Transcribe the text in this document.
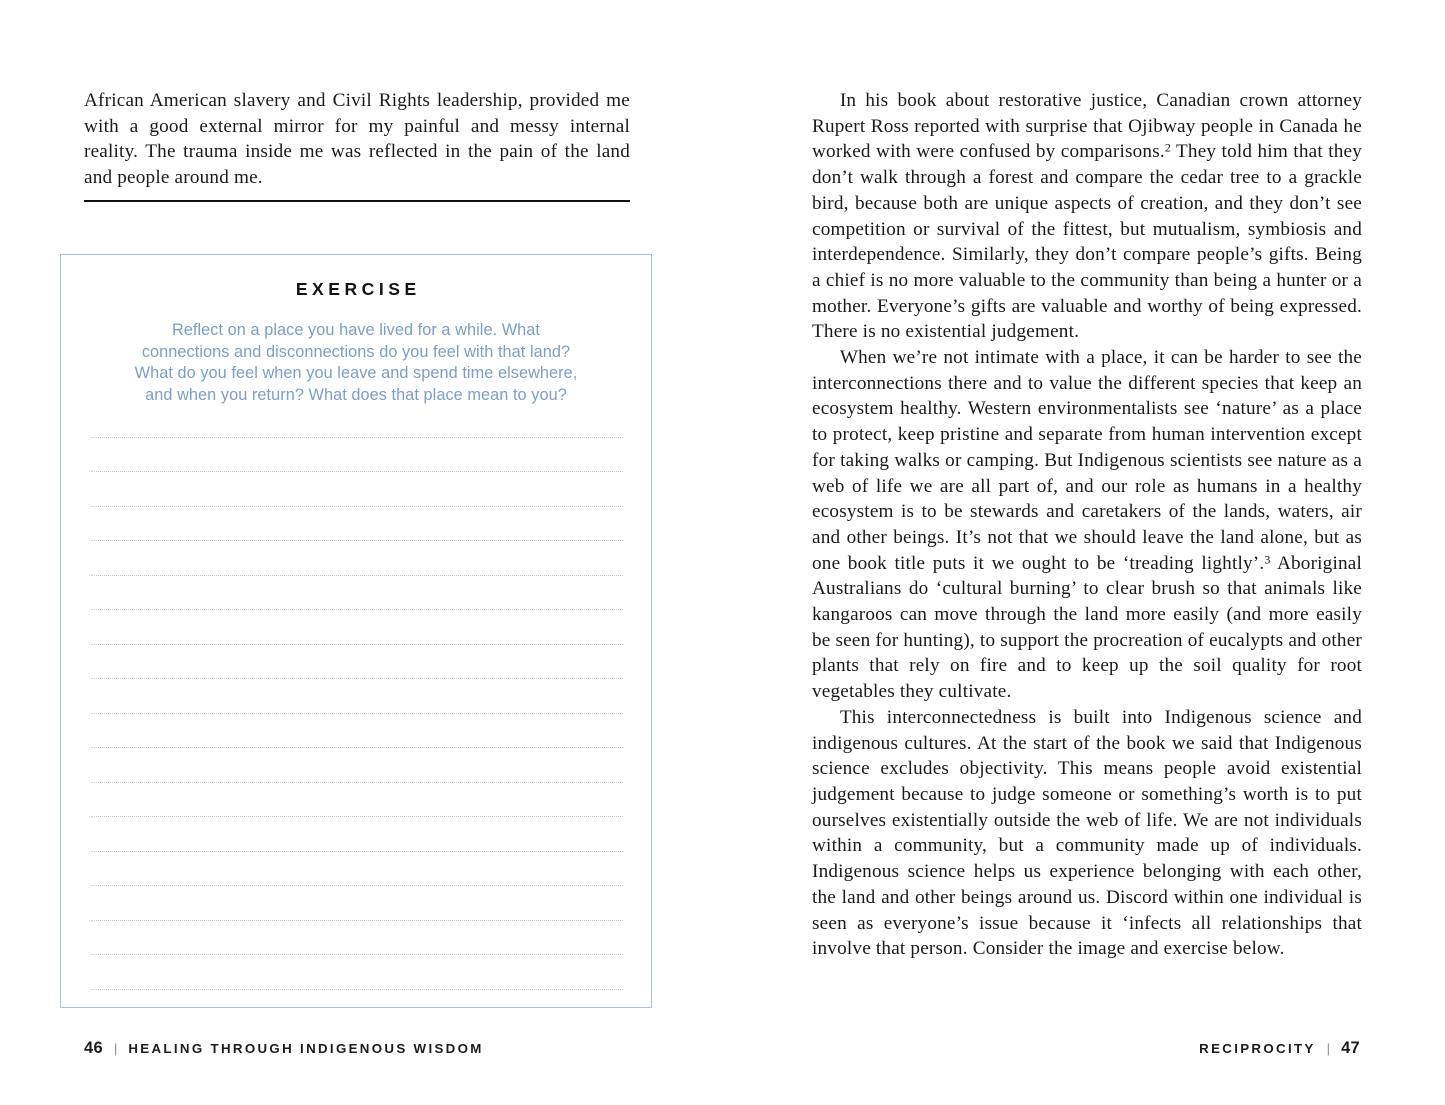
African American slavery and Civil Rights leadership, provided me with a good external mirror for my painful and messy internal reality. The trauma inside me was reflected in the pain of the land and people around me.

EXERCISE
Reflect on a place you have lived for a while. What
connections and disconnections do you feel with that land?
What do you feel when you leave and spend time elsewhere,
and when you return? What does that place mean to you?
46 | HEALING THROUGH INDIGENOUS WISDOM

In his book about restorative justice, Canadian crown attorney Rupert Ross reported with surprise that Ojibway people in Canada he worked with were confused by comparisons.$^2$ They told him that they don’t walk through a forest and compare the cedar tree to a grackle bird, because both are unique aspects of creation, and they don’t see competition or survival of the fittest, but mutualism, symbiosis and interdependence. Similarly, they don’t compare people’s gifts. Being a chief is no more valuable to the community than being a hunter or a mother. Everyone’s gifts are valuable and worthy of being expressed. There is no existential judgement.

When we’re not intimate with a place, it can be harder to see the interconnections there and to value the different species that keep an ecosystem healthy. Western environmentalists see ‘nature’ as a place to protect, keep pristine and separate from human intervention except for taking walks or camping. But Indigenous scientists see nature as a web of life we are all part of, and our role as humans in a healthy ecosystem is to be stewards and caretakers of the lands, waters, air and other beings. It’s not that we should leave the land alone, but as one book title puts it we ought to be ‘treading lightly’.$^3$ Aboriginal Australians do ‘cultural burning’ to clear brush so that animals like kangaroos can move through the land more easily (and more easily be seen for hunting), to support the procreation of eucalypts and other plants that rely on fire and to keep up the soil quality for root vegetables they cultivate.

This interconnectedness is built into Indigenous science and indigenous cultures. At the start of the book we said that Indigenous science excludes objectivity. This means people avoid existential judgement because to judge someone or something’s worth is to put ourselves existentially outside the web of life. We are not individuals within a community, but a community made up of individuals. Indigenous science helps us experience belonging with each other, the land and other beings around us. Discord within one individual is seen as everyone’s issue because it ‘infects all relationships that involve that person. Consider the image and exercise below.

RECIPROCITY | 47
